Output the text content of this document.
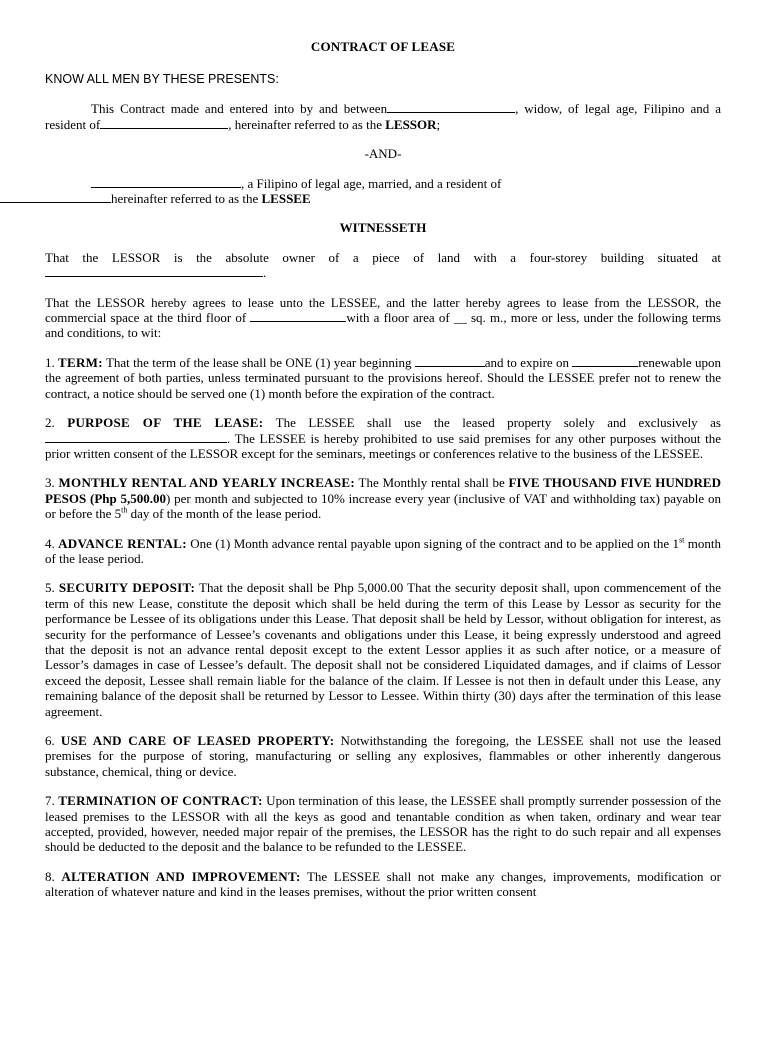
CONTRACT OF LEASE

KNOW ALL MEN BY THESE PRESENTS:

This Contract made and entered into by and between	, widow, of legal age, Filipino and a resident of	, hereinafter referred to as the LESSOR;

-AND-

, a Filipino of legal age, married, and a resident of
hereinafter referred to as the LESSEE

WITNESSETH

That the LESSOR is the absolute owner of a piece of land with a four-storey building situated at.

That the LESSOR hereby agrees to lease unto the LESSEE, and the latter hereby agrees to lease from the LESSOR, the commercial space at the third floor of	with a floor area of __ sq. m., more or less, under the following terms and conditions, to wit:

1. TERM: That the term of the lease shall be ONE (1) year beginning	and to expire on	renewable upon the agreement of both parties, unless terminated pursuant to the provisions hereof. Should the LESSEE prefer not to renew the contract, a notice should be served one (1) month before the expiration of the contract.

2. PURPOSE OF THE LEASE: The LESSEE shall use the leased property solely and exclusively as. The LESSEE is hereby prohibited to use said premises for any other purposes without the prior written consent of the LESSOR except for the seminars, meetings or conferences relative to the business of the LESSEE.

3. MONTHLY RENTAL AND YEARLY INCREASE: The Monthly rental shall be FIVE THOUSAND FIVE HUNDRED PESOS (Php 5,500.00) per month and subjected to 10% increase every year (inclusive of VAT and withholding tax) payable on or before the 5th day of the month of the lease period.

4. ADVANCE RENTAL: One (1) Month advance rental payable upon signing of the contract and to be applied on the 1st month of the lease period.

5. SECURITY DEPOSIT: That the deposit shall be Php 5,000.00 That the security deposit shall, upon commencement of the term of this new Lease, constitute the deposit which shall be held during the term of this Lease by Lessor as security for the performance be Lessee of its obligations under this Lease. That deposit shall be held by Lessor, without obligation for interest, as security for the performance of Lessee’s covenants and obligations under this Lease, it being expressly understood and agreed that the deposit is not an advance rental deposit except to the extent Lessor applies it as such after notice, or a measure of Lessor’s damages in case of Lessee’s default. The deposit shall not be considered Liquidated damages, and if claims of Lessor exceed the deposit, Lessee shall remain liable for the balance of the claim. If Lessee is not then in default under this Lease, any remaining balance of the deposit shall be returned by Lessor to Lessee. Within thirty (30) days after the termination of this lease agreement.

6. USE AND CARE OF LEASED PROPERTY: Notwithstanding the foregoing, the LESSEE shall not use the leased premises for the purpose of storing, manufacturing or selling any explosives, flammables or other inherently dangerous substance, chemical, thing or device.

7. TERMINATION OF CONTRACT: Upon termination of this lease, the LESSEE shall promptly surrender possession of the leased premises to the LESSOR with all the keys as good and tenantable condition as when taken, ordinary and wear tear accepted, provided, however, needed major repair of the premises, the LESSOR has the right to do such repair and all expenses should be deducted to the deposit and the balance to be refunded to the LESSEE.

8. ALTERATION AND IMPROVEMENT: The LESSEE shall not make any changes, improvements, modification or alteration of whatever nature and kind in the leases premises, without the prior written consent
